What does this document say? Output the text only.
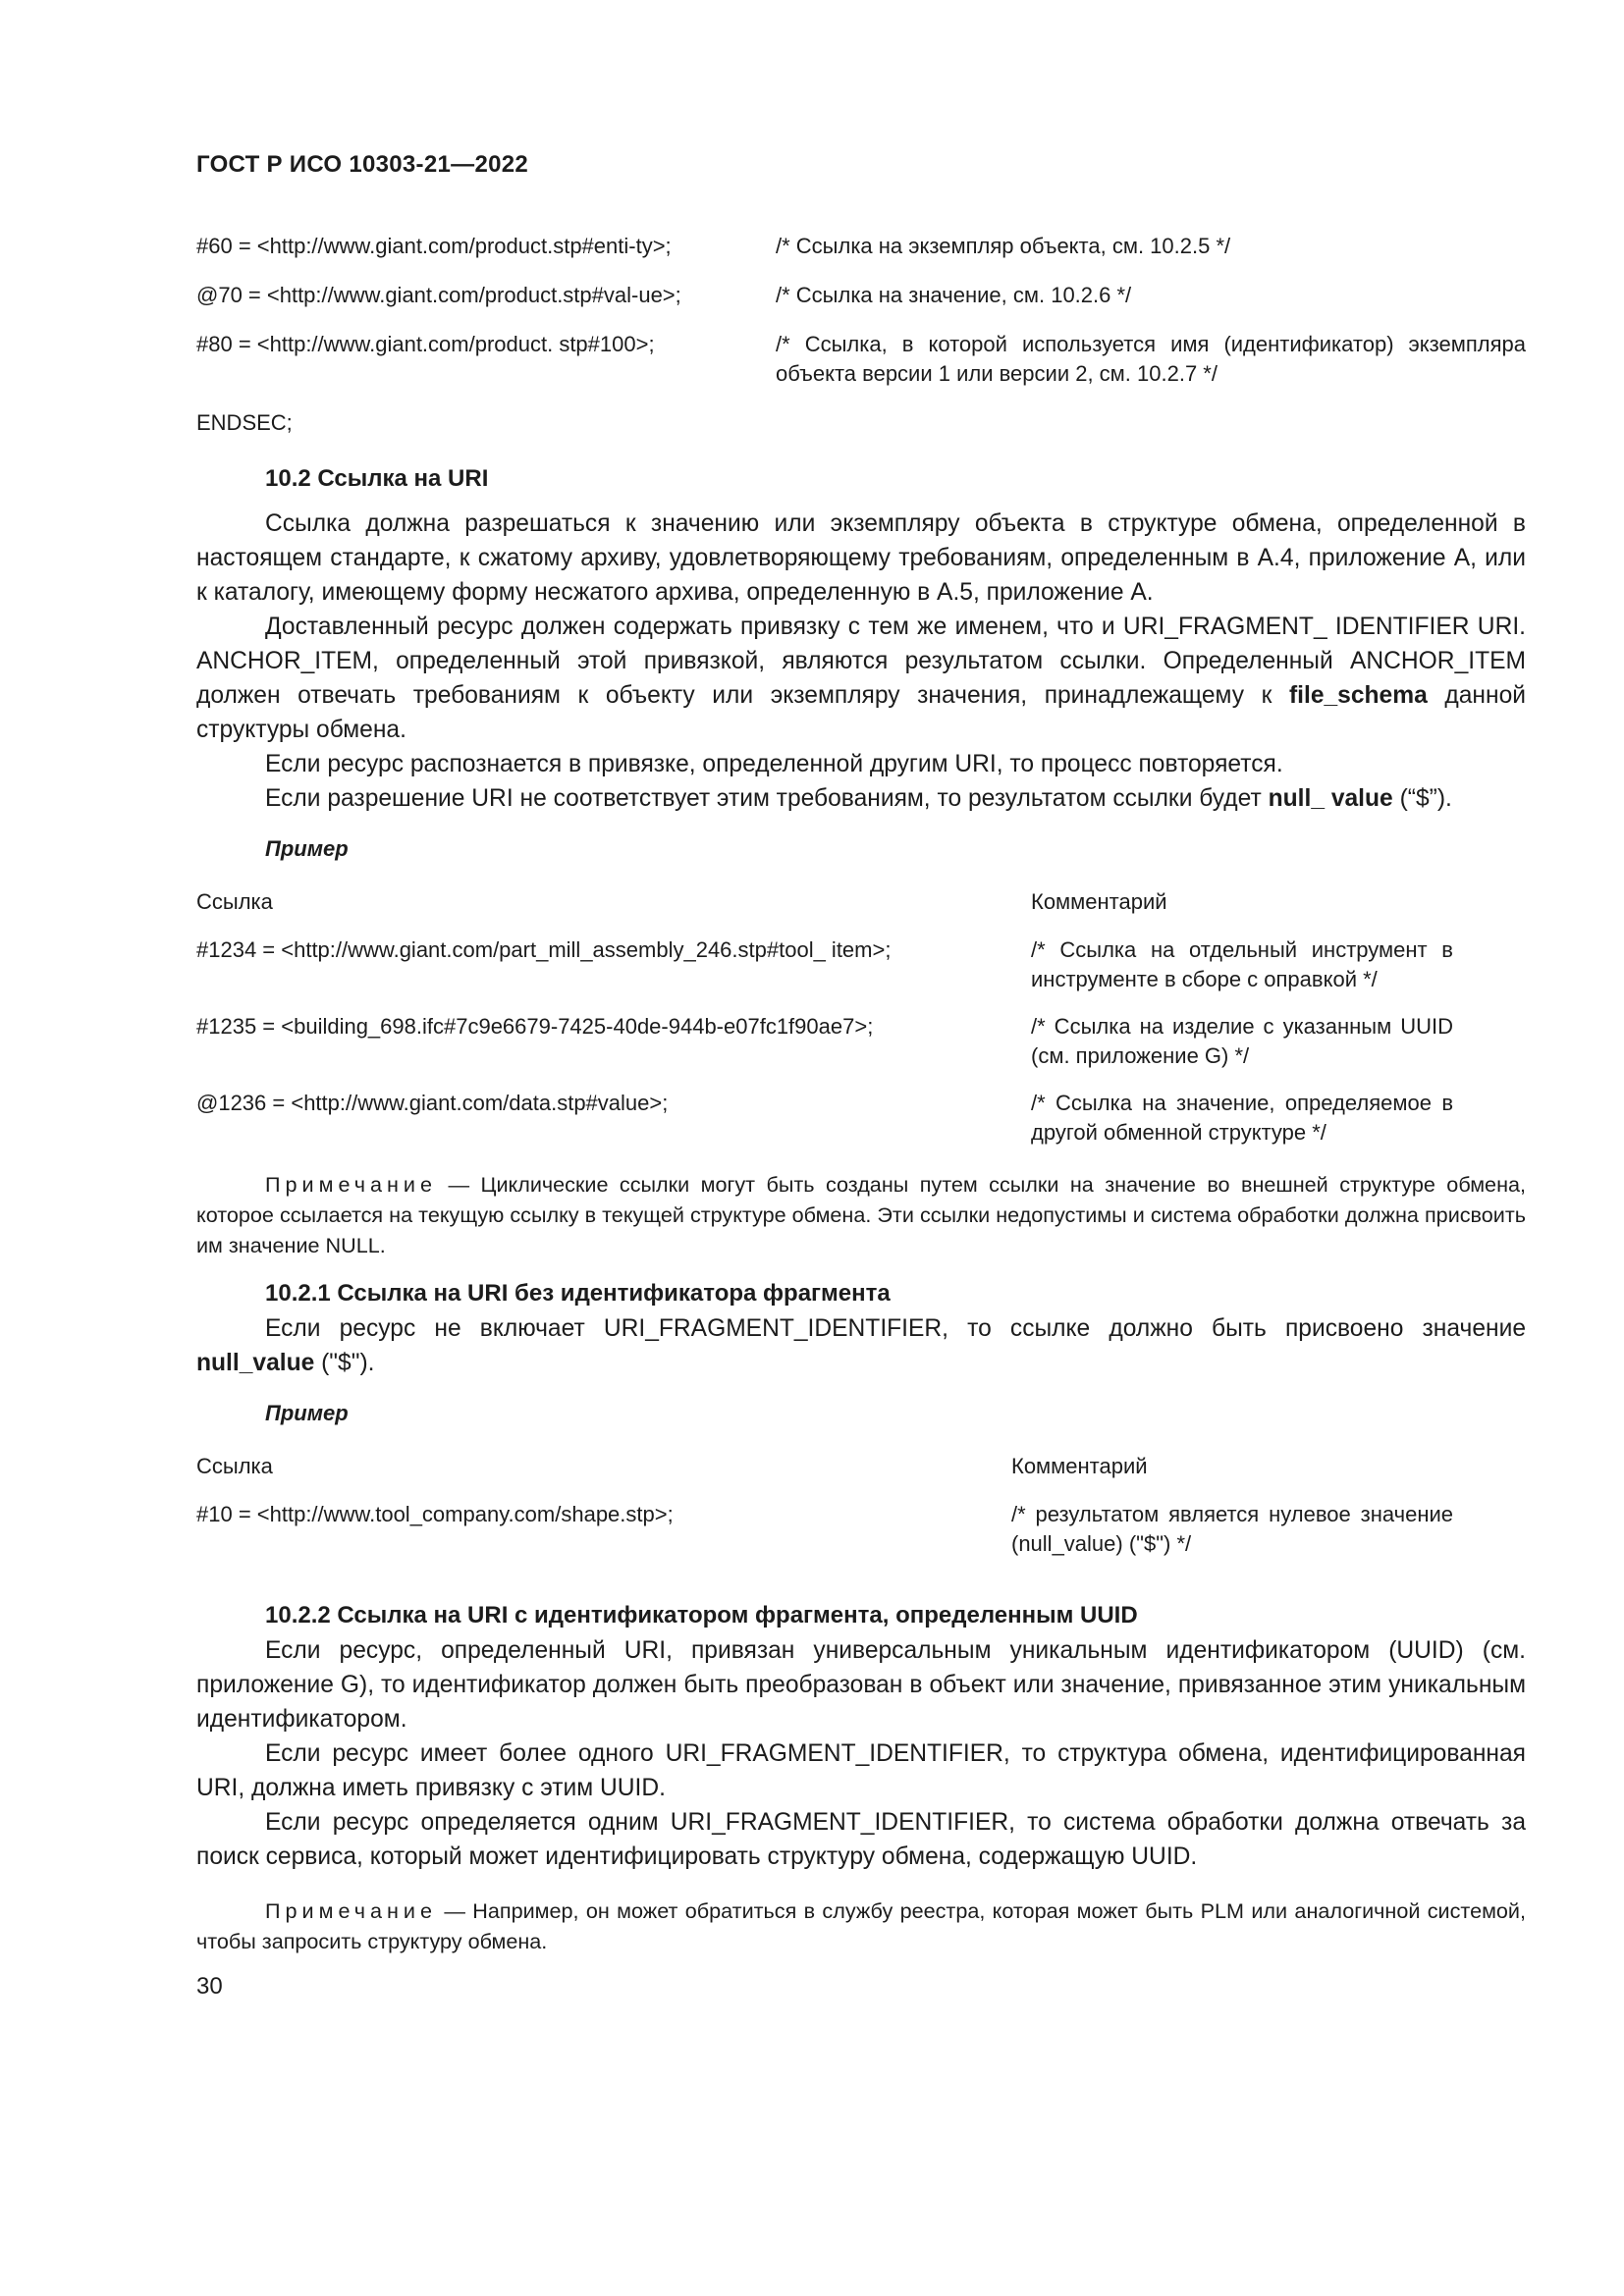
ГОСТ Р ИСО 10303-21—2022
#60 = <http://www.giant.com/product.stp#enti-ty>;	/* Ссылка на экземпляр объекта, см. 10.2.5 */
@70 = <http://www.giant.com/product.stp#val-ue>;	/* Ссылка на значение, см. 10.2.6 */
#80 = <http://www.giant.com/product. stp#100>;	/* Ссылка, в которой используется имя (идентификатор) экземпляра объекта версии 1 или версии 2, см. 10.2.7 */
ENDSEC;
10.2 Ссылка на URI

Ссылка должна разрешаться к значению или экземпляру объекта в структуре обмена, определенной в настоящем стандарте, к сжатому архиву, удовлетворяющему требованиям, определенным в А.4, приложение А, или к каталогу, имеющему форму несжатого архива, определенную в А.5, приложение А.

Доставленный ресурс должен содержать привязку с тем же именем, что и URI_FRAGMENT_ IDENTIFIER URI. ANCHOR_ITEM, определенный этой привязкой, являются результатом ссылки. Определенный ANCHOR_ITEM должен отвечать требованиям к объекту или экземпляру значения, принадлежащему к file_schema данной структуры обмена.

Если ресурс распознается в привязке, определенной другим URI, то процесс повторяется.

Если разрешение URI не соответствует этим требованиям, то результатом ссылки будет null_ value (“$”).

Пример
Ссылка	Комментарий
#1234 = <http://www.giant.com/part_mill_assembly_246.stp#tool_ item>;	/* Ссылка на отдельный инструмент в инструменте в сборе с оправкой */
#1235 = <building_698.ifc#7c9e6679-7425-40de-944b-e07fc1f90ae7>;	/* Ссылка на изделие с указанным UUID (см. приложение G) */
@1236 = <http://www.giant.com/data.stp#value>;	/* Ссылка на значение, определяемое в другой обменной структуре */
Примечание — Циклические ссылки могут быть созданы путем ссылки на значение во внешней структуре обмена, которое ссылается на текущую ссылку в текущей структуре обмена. Эти ссылки недопустимы и система обработки должна присвоить им значение NULL.
10.2.1 Ссылка на URI без идентификатора фрагмента

Если ресурс не включает URI_FRAGMENT_IDENTIFIER, то ссылке должно быть присвоено значение null_value ("$").

Пример
Ссылка	Комментарий
#10 = <http://www.tool_company.com/shape.stp>;	/* результатом является нулевое значение (null_value) ("$") */
10.2.2 Ссылка на URI с идентификатором фрагмента, определенным UUID

Если ресурс, определенный URI, привязан универсальным уникальным идентификатором (UUID) (см. приложение G), то идентификатор должен быть преобразован в объект или значение, привязанное этим уникальным идентификатором.

Если ресурс имеет более одного URI_FRAGMENT_IDENTIFIER, то структура обмена, идентифицированная URI, должна иметь привязку с этим UUID.

Если ресурс определяется одним URI_FRAGMENT_IDENTIFIER, то система обработки должна отвечать за поиск сервиса, который может идентифицировать структуру обмена, содержащую UUID.

Примечание — Например, он может обратиться в службу реестра, которая может быть PLM или аналогичной системой, чтобы запросить структуру обмена.
30
